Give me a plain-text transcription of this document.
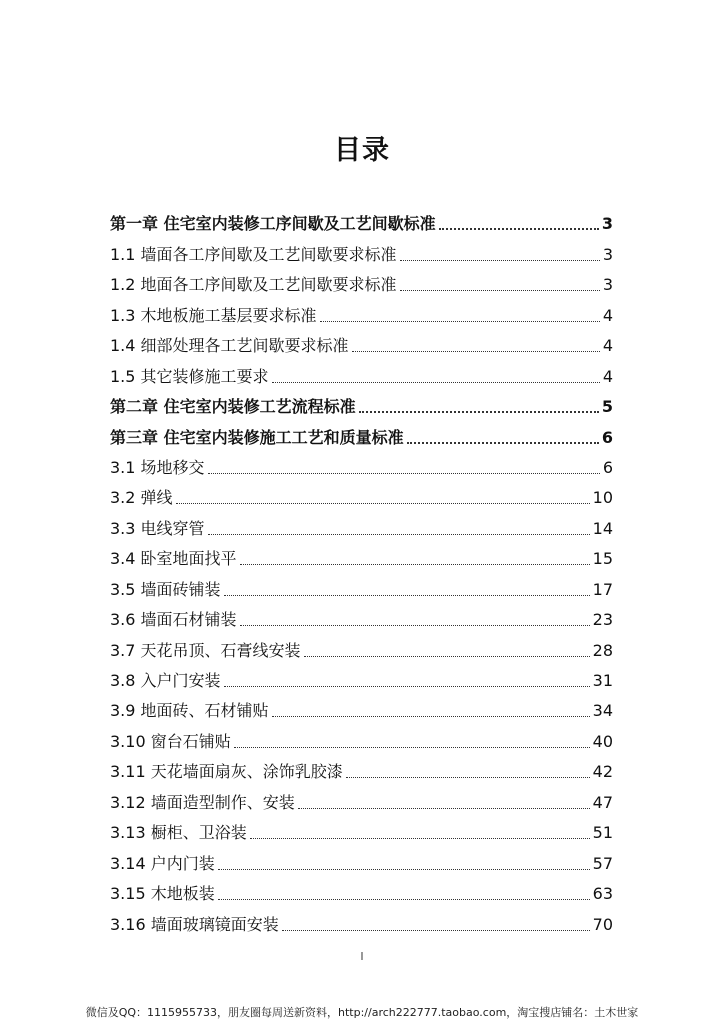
目录
第一章 住宅室内装修工序间歇及工艺间歇标准	3
1.1 墙面各工序间歇及工艺间歇要求标准	3
1.2 地面各工序间歇及工艺间歇要求标准	3
1.3 木地板施工基层要求标准	4
1.4 细部处理各工艺间歇要求标准	4
1.5 其它装修施工要求	4
第二章 住宅室内装修工艺流程标准	5
第三章 住宅室内装修施工工艺和质量标准	6
3.1 场地移交	6
3.2 弹线	10
3.3 电线穿管	14
3.4 卧室地面找平	15
3.5 墙面砖铺装	17
3.6 墙面石材铺装	23
3.7 天花吊顶、石膏线安装	28
3.8 入户门安装	31
3.9 地面砖、石材铺贴	34
3.10 窗台石铺贴	40
3.11 天花墙面扇灰、涂饰乳胶漆	42
3.12 墙面造型制作、安装	47
3.13 橱柜、卫浴装	51
3.14 户内门装	57
3.15 木地板装	63
3.16 墙面玻璃镜面安装	70
I
微信及QQ：1115955733，朋友圈每周送新资料，http://arch222777.taobao.com，淘宝搜店铺名：土木世家
